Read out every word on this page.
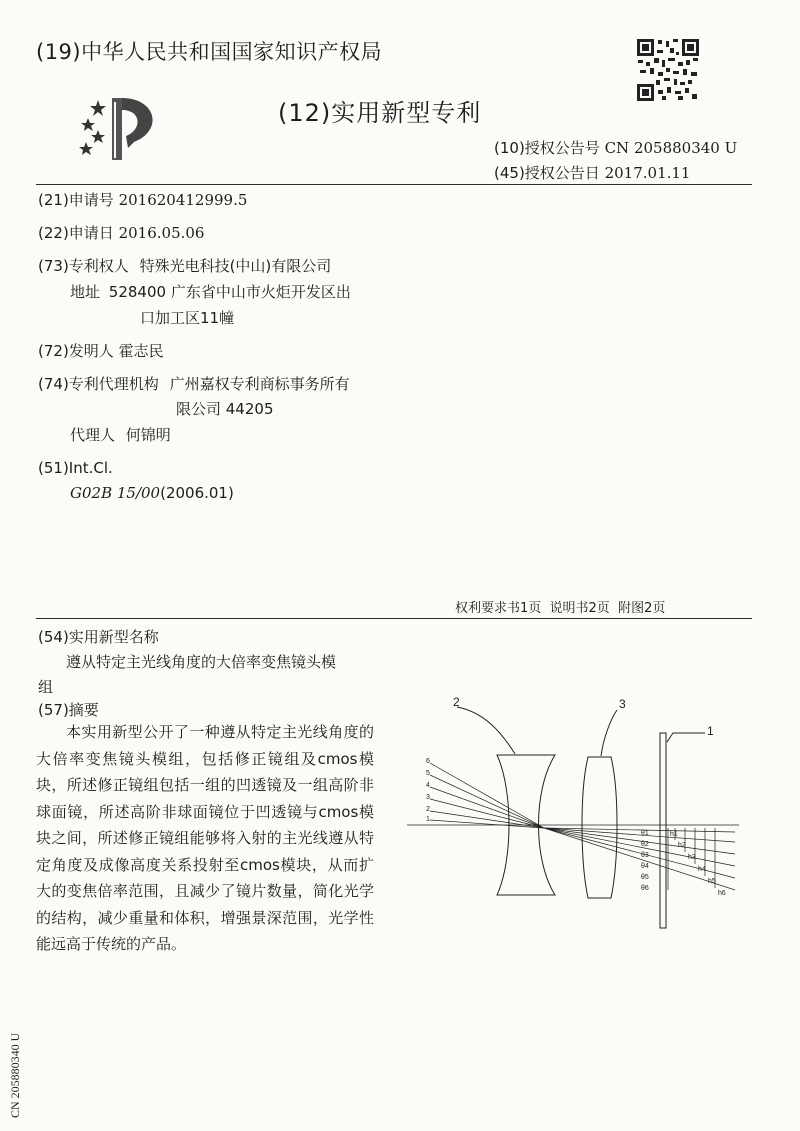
(19)中华人民共和国国家知识产权局
(12)实用新型专利
(10)授权公告号 CN 205880340 U
(45)授权公告日 2017.01.11
(21)申请号 201620412999.5
(22)申请日 2016.05.06
(73)专利权人 特殊光电科技(中山)有限公司
地址 528400 广东省中山市火炬开发区出
口加工区11幢
(72)发明人 霍志民
(74)专利代理机构 广州嘉权专利商标事务所有
限公司 44205
代理人 何锦明
(51)Int.Cl.
G02B 15/00(2006.01)
权利要求书1页  说明书2页  附图2页
(54)实用新型名称
遵从特定主光线角度的大倍率变焦镜头模
组
(57)摘要
本实用新型公开了一种遵从特定主光线角度的大倍率变焦镜头模组，包括修正镜组及cmos模块，所述修正镜组包括一组的凹透镜及一组高阶非球面镜，所述高阶非球面镜位于凹透镜与cmos模块之间，所述修正镜组能够将入射的主光线遵从特定角度及成像高度关系投射至cmos模块，从而扩大的变焦倍率范围，且减少了镜片数量，简化光学的结构，减少重量和体积，增强景深范围，光学性能远高于传统的产品。
2	3
1
6
5
4
3
2
1
θ1
θ2
θ3
θ4
θ5
θ6
h1
h2
h3
h4
h5
h6
CN 205880340 U
